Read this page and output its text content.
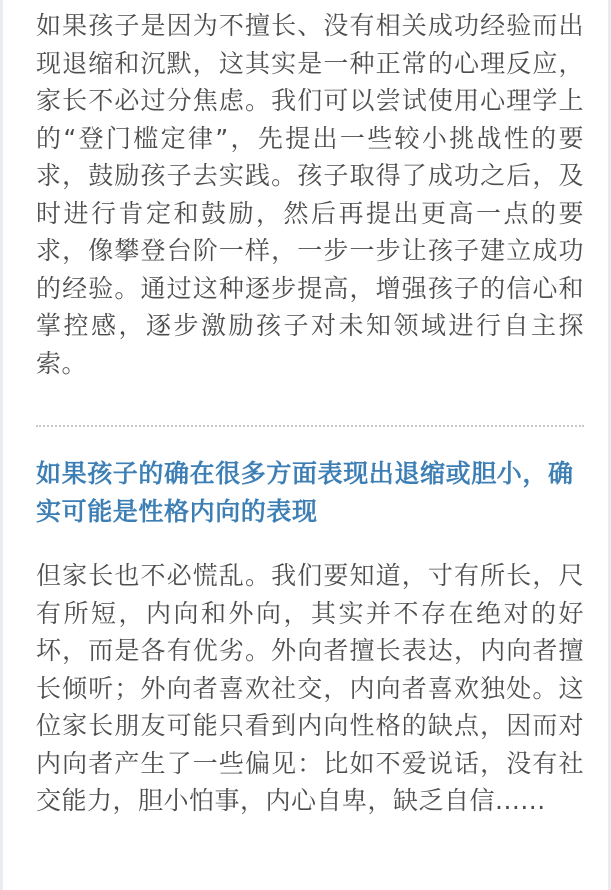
如果孩子是因为不擅长、没有相关成功经验而出现退缩和沉默，这其实是一种正常的心理反应，家长不必过分焦虑。我们可以尝试使用心理学上的“登门槛定律”，先提出一些较小挑战性的要求，鼓励孩子去实践。孩子取得了成功之后，及时进行肯定和鼓励，然后再提出更高一点的要求，像攀登台阶一样，一步一步让孩子建立成功的经验。通过这种逐步提高，增强孩子的信心和掌控感，逐步激励孩子对未知领域进行自主探索。

如果孩子的确在很多方面表现出退缩或胆小，确实可能是性格内向的表现

但家长也不必慌乱。我们要知道，寸有所长，尺有所短，内向和外向，其实并不存在绝对的好坏，而是各有优劣。外向者擅长表达，内向者擅长倾听；外向者喜欢社交，内向者喜欢独处。这位家长朋友可能只看到内向性格的缺点，因而对内向者产生了一些偏见：比如不爱说话，没有社交能力，胆小怕事，内心自卑，缺乏自信......
